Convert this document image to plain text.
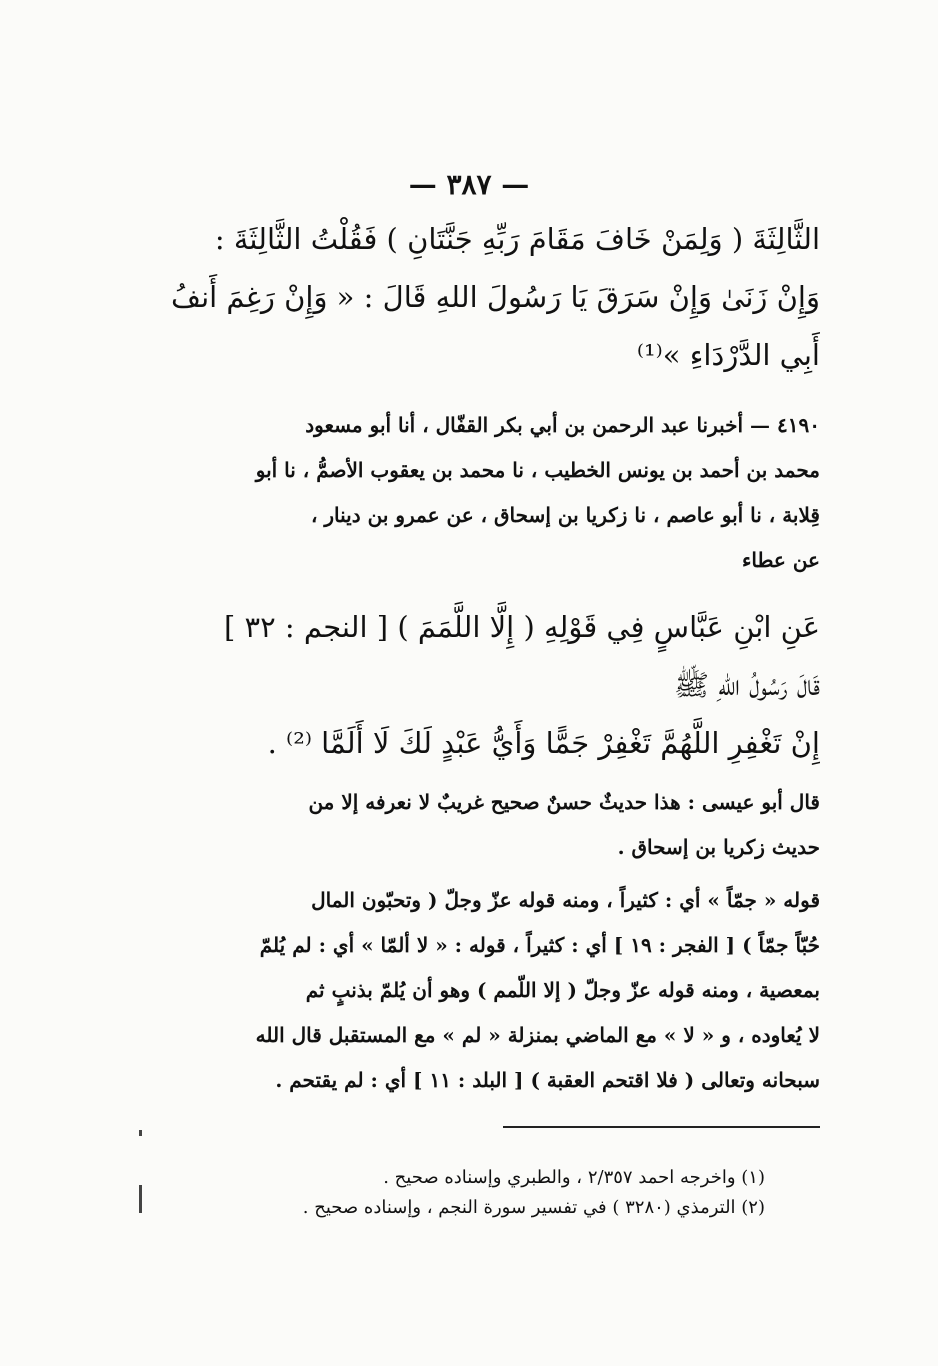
— ٣٨٧ —
الثَّالِثَةَ ( وَلِمَنْ خَافَ مَقَامَ رَبِّهِ جَنَّتَانِ ) فَقُلْتُ الثَّالِثَةَ :
وَإِنْ زَنَىٰ وَإِنْ سَرَقَ يَا رَسُولَ اللهِ قَالَ : « وَإِنْ رَغِمَ أَنفُ
أَبِي الدَّرْدَاءِ »⁽¹⁾
٤١٩٠ — أخبرنا عبد الرحمن بن أبي بكر القفّال ، أنا أبو مسعود
محمد بن أحمد بن يونس الخطيب ، نا محمد بن يعقوب الأصمُّ ، نا أبو
قِلابة ، نا أبو عاصم ، نا زكريا بن إسحاق ، عن عمرو بن دينار ،
عن عطاء
عَنِ ابْنِ عَبَّاسٍ فِي قَوْلِهِ ( إِلَّا اللَّمَمَ ) [ النجم : ٣٢ ]
قَالَ رَسُولُ اللهِ ﷺ
إِنْ تَغْفِرِ اللَّهُمَّ تَغْفِرْ جَمًّا وَأَيُّ عَبْدٍ لَكَ لَا أَلَمَّا ⁽²⁾ .
قال أبو عيسى : هذا حديثٌ حسنٌ صحيح غريبٌ لا نعرفه إلا من
حديث زكريا بن إسحاق .
قوله « جمّاً » أي : كثيراً ، ومنه قوله عزّ وجلّ ( وتحبّون المال
حُبّاً جمّاً ) [ الفجر : ١٩ ] أي : كثيراً ، قوله : « لا ألمّا » أي : لم يُلمّ
بمعصية ، ومنه قوله عزّ وجلّ ( إلا اللّمم ) وهو أن يُلمّ بذنبٍ ثم
لا يُعاوده ، و « لا » مع الماضي بمنزلة « لم » مع المستقبل قال الله
سبحانه وتعالى ( فلا اقتحم العقبة ) [ البلد : ١١ ] أي : لم يقتحم .
(١) واخرجه احمد ٢/٣٥٧ ، والطبري وإسناده صحيح .
(٢) الترمذي (٣٢٨٠ ) في تفسير سورة النجم ، وإسناده صحيح .
